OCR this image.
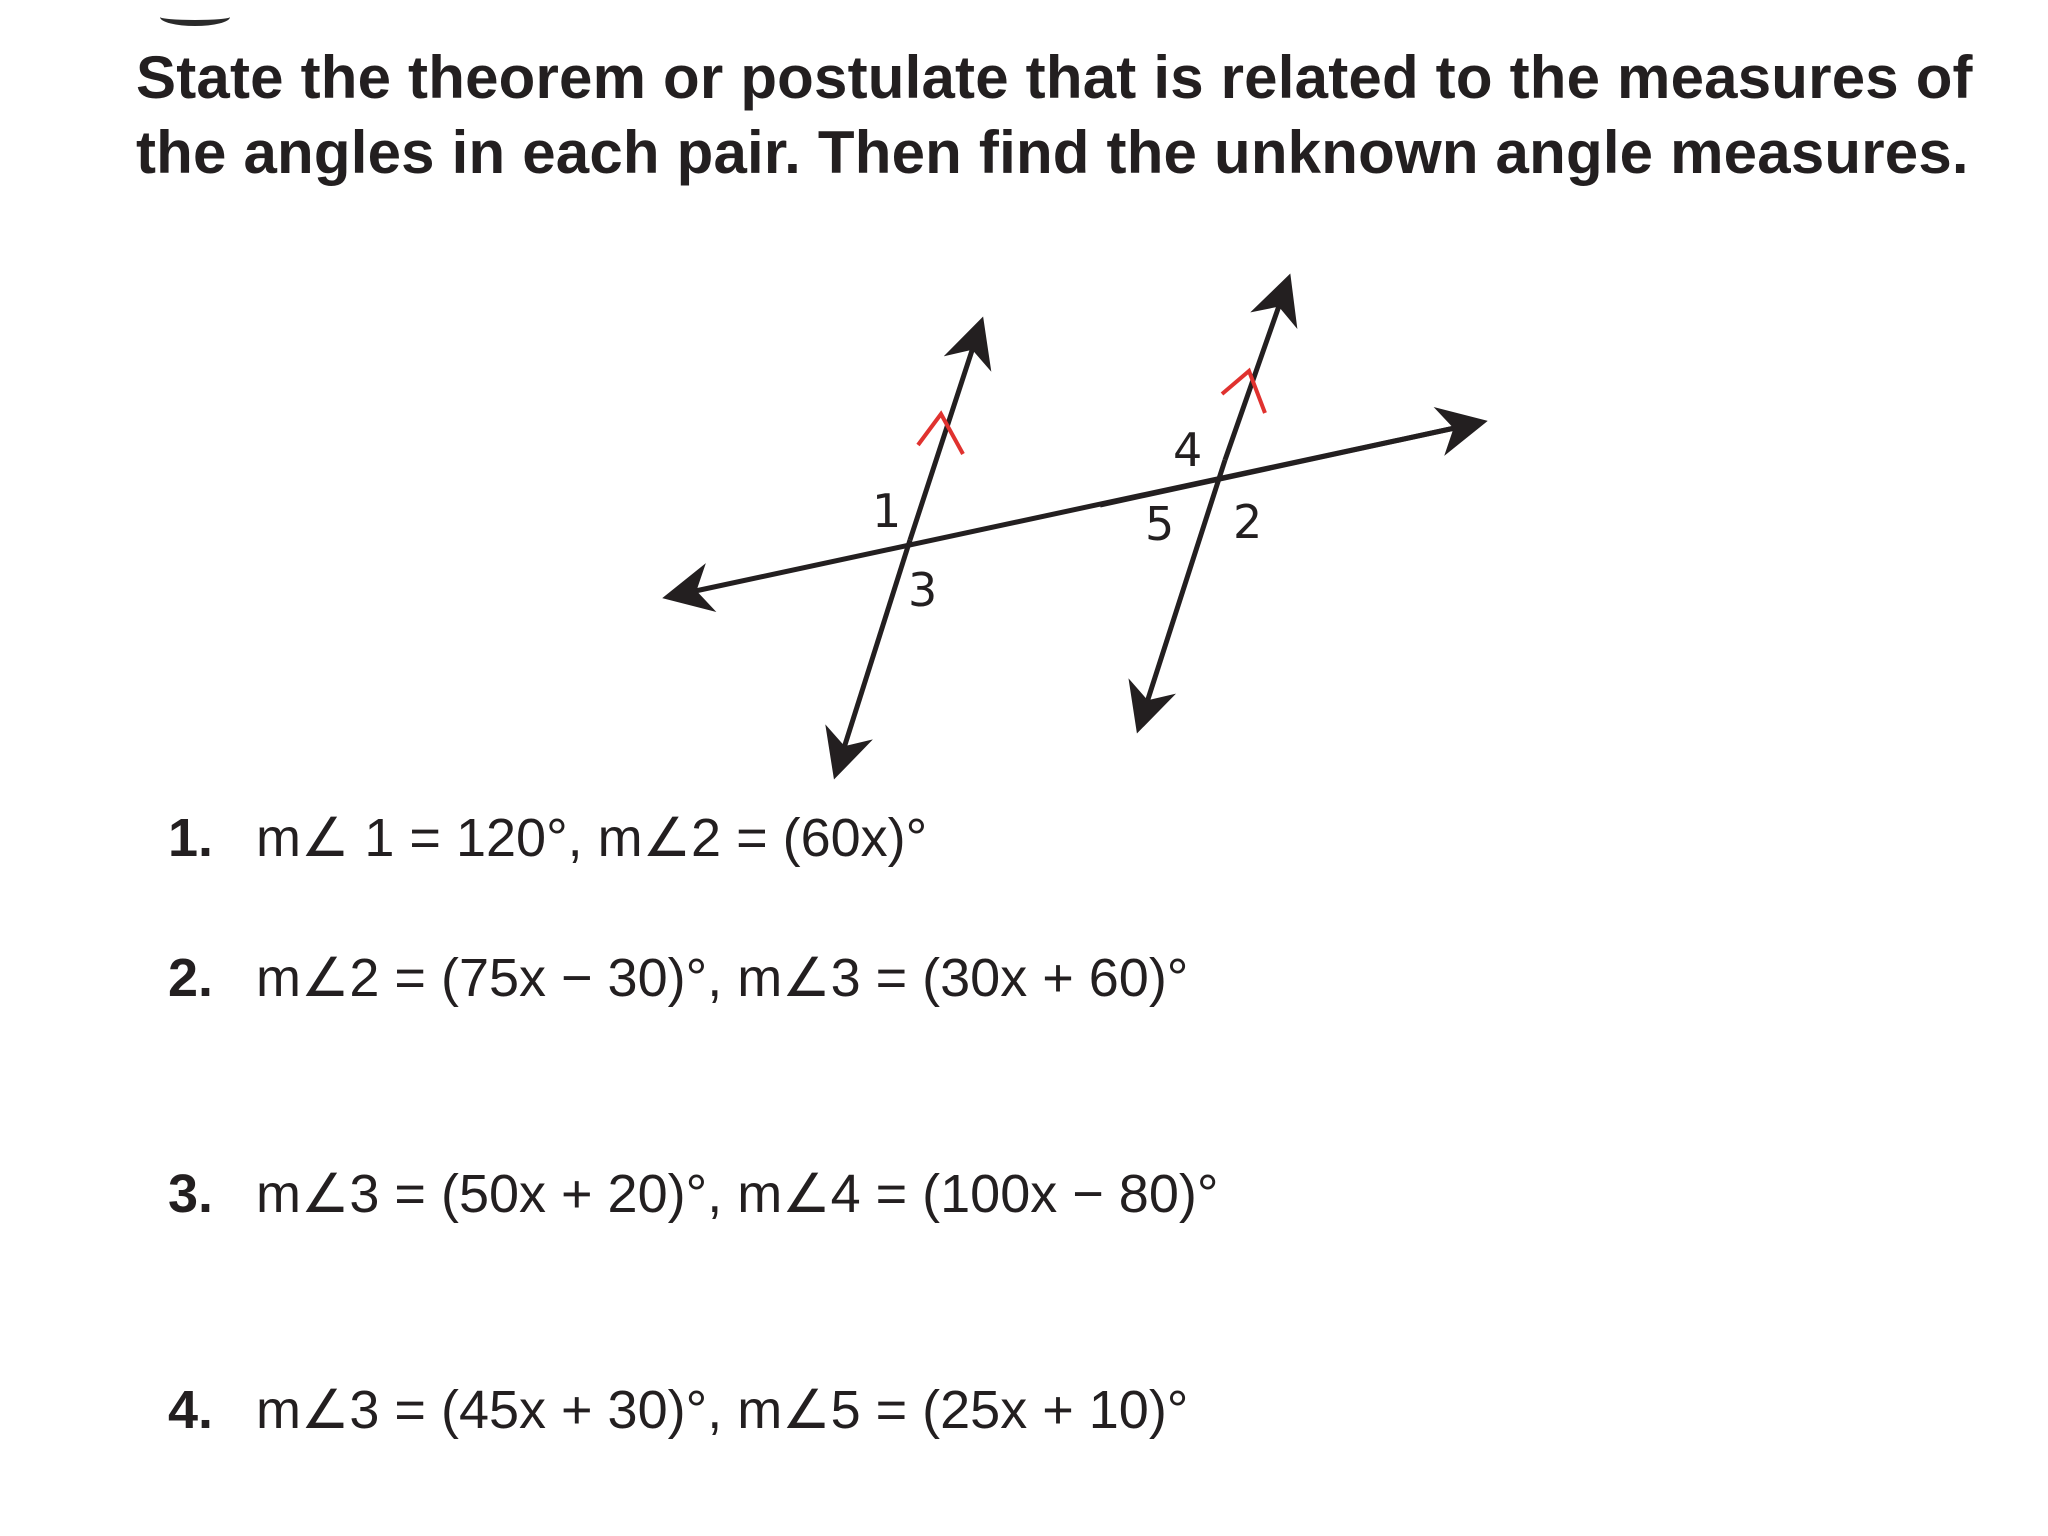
State the theorem or postulate that is related to the measures of the angles in each pair. Then find the unknown angle measures.

1
3
4
5 2
1. m∠ 1 = 120°, m∠2 = (60x)°
2. m∠2 = (75x − 30)°, m∠3 = (30x + 60)°
3. m∠3 = (50x + 20)°, m∠4 = (100x − 80)°
4. m∠3 = (45x + 30)°, m∠5 = (25x + 10)°
